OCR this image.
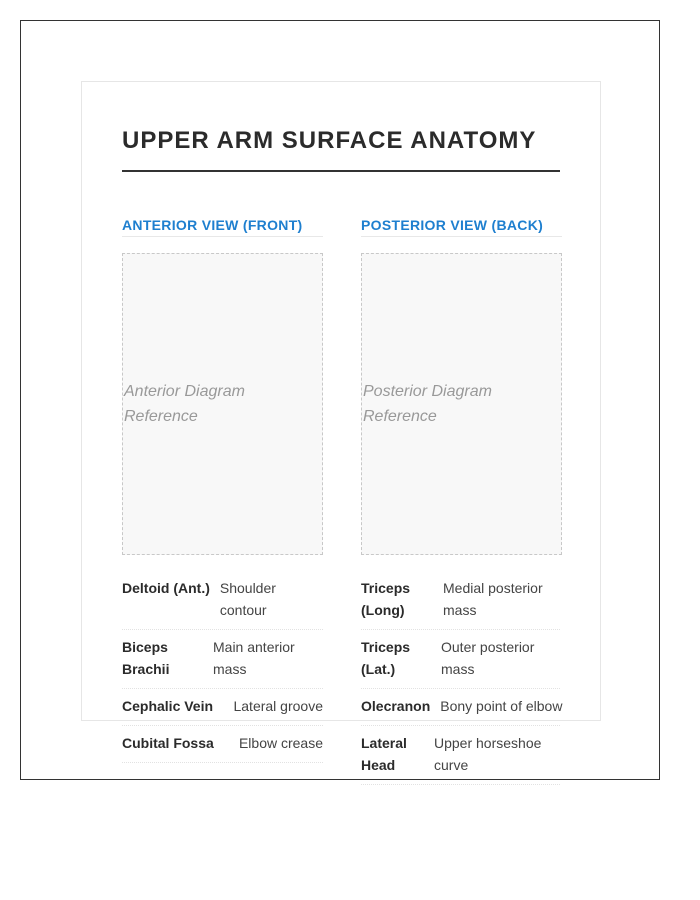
UPPER ARM SURFACE ANATOMY
ANTERIOR VIEW (FRONT)
Anterior Diagram Reference
Deltoid (Ant.) Shoulder contour
Biceps Brachii
Main anterior mass
Cephalic Vein Lateral groove
Cubital Fossa Elbow crease
POSTERIOR VIEW (BACK)
Posterior Diagram Reference
Triceps (Long)
Medial posterior mass
Triceps (Lat.)
Outer posterior mass
Olecranon Bony point of elbow
Lateral Head
Upper horseshoe curve
